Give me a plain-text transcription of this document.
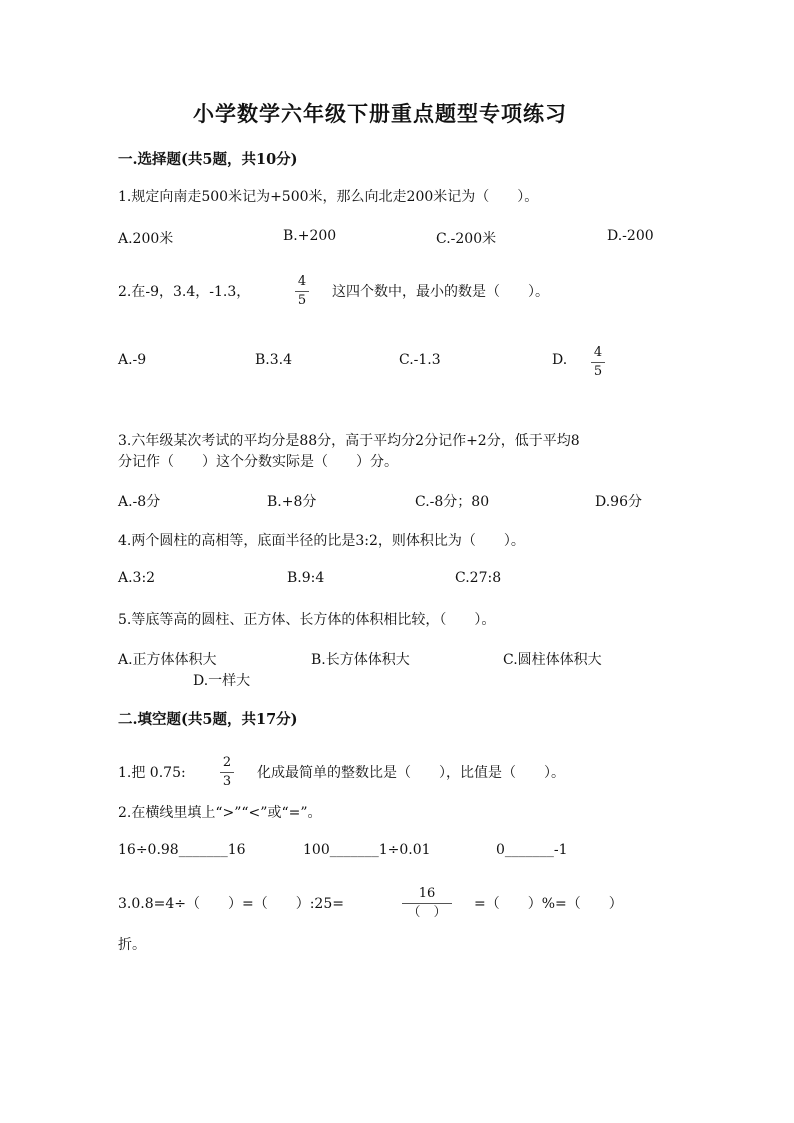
小学数学六年级下册重点题型专项练习
一.选择题(共5题，共10分)
1.规定向南走500米记为+500米，那么向北走200米记为（　　）。
A.200米	B.+200	C.-200米	D.-200
2.在-9，3.4，-1.3，
4
5
这四个数中，最小的数是（　　）。
A.-9	B.3.4	C.-1.3	D. 4
5
3.六年级某次考试的平均分是88分，高于平均分2分记作+2分，低于平均8
分记作（　　）这个分数实际是（　　）分。
A.-8分	B.+8分	C.-8分；80	D.96分
4.两个圆柱的高相等，底面半径的比是3:2，则体积比为（　　）。
A.3:2	B.9:4	C.27:8
5.等底等高的圆柱、正方体、长方体的体积相比较，（　　）。
A.正方体体积大	B.长方体体积大	C.圆柱体体积大
D.一样大
二.填空题(共5题，共17分)
1.把 0.75:
2
3
化成最简单的整数比是（　　），比值是（　　）。
2.在横线里填上“>”“<”或“=”。
16÷0.98_______16	100_______1÷0.01	0_______-1
3.0.8=4÷（　　）=（　　）:25=
16
（　）
=（　　）%=（　　）
折。
